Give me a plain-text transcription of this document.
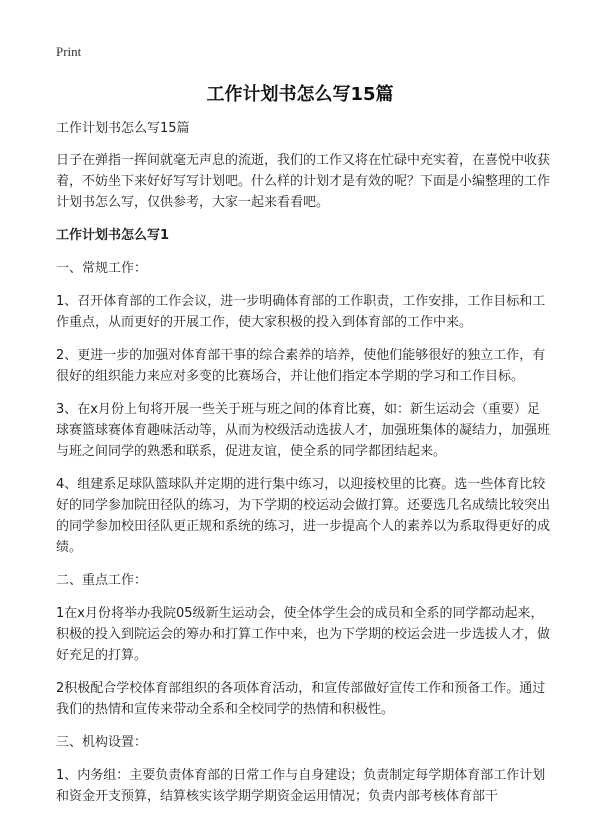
Print
工作计划书怎么写15篇

工作计划书怎么写15篇

日子在弹指一挥间就毫无声息的流逝，我们的工作又将在忙碌中充实着，在喜悦中收获着，不妨坐下来好好写写计划吧。什么样的计划才是有效的呢？下面是小编整理的工作计划书怎么写，仅供参考，大家一起来看看吧。

工作计划书怎么写1

一、常规工作：

1、召开体育部的工作会议，进一步明确体育部的工作职责，工作安排，工作目标和工作重点，从而更好的开展工作，使大家积极的投入到体育部的工作中来。

2、更进一步的加强对体育部干事的综合素养的培养，使他们能够很好的独立工作，有很好的组织能力来应对多变的比赛场合，并让他们指定本学期的学习和工作目标。

3、在x月份上旬将开展一些关于班与班之间的体育比赛，如：新生运动会（重要）足球赛篮球赛体育趣味活动等，从而为校级活动选拔人才，加强班集体的凝结力，加强班与班之间同学的熟悉和联系，促进友谊，使全系的同学都团结起来。

4、组建系足球队篮球队并定期的进行集中练习，以迎接校里的比赛。选一些体育比较好的同学参加院田径队的练习，为下学期的校运动会做打算。还要选几名成绩比较突出的同学参加校田径队更正规和系统的练习，进一步提高个人的素养以为系取得更好的成绩。

二、重点工作：

1在x月份将举办我院05级新生运动会，使全体学生会的成员和全系的同学都动起来，积极的投入到院运会的筹办和打算工作中来，也为下学期的校运会进一步选拔人才，做好充足的打算。

2积极配合学校体育部组织的各项体育活动，和宣传部做好宣传工作和预备工作。通过我们的热情和宣传来带动全系和全校同学的热情和积极性。

三、机构设置：

1、内务组：主要负责体育部的日常工作与自身建设；负责制定每学期体育部工作计划和资金开支预算，结算核实该学期学期资金运用情况；负责内部考核体育部干
